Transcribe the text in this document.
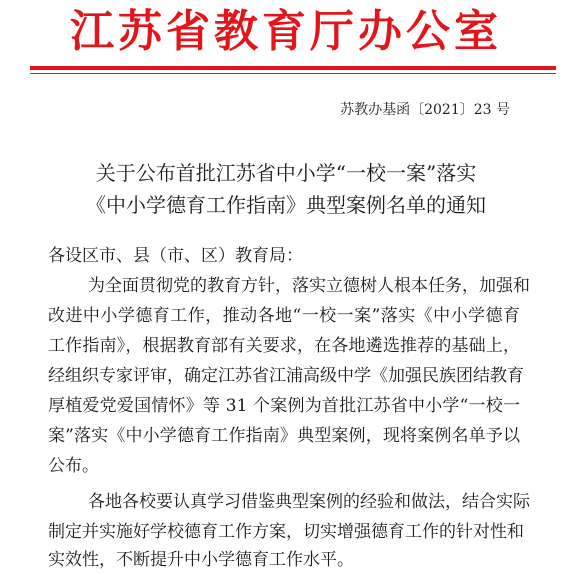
江苏省教育厅办公室
苏教办基函〔2021〕23 号
关于公布首批江苏省中小学“一校一案”落实
《中小学德育工作指南》典型案例名单的通知
各设区市、县（市、区）教育局：
为全面贯彻党的教育方针，落实立德树人根本任务，加强和
改进中小学德育工作，推动各地“一校一案”落实《中小学德育
工作指南》，根据教育部有关要求，在各地遴选推荐的基础上，
经组织专家评审，确定江苏省江浦高级中学《加强民族团结教育
厚植爱党爱国情怀》等 31 个案例为首批江苏省中小学“一校一
案”落实《中小学德育工作指南》典型案例，现将案例名单予以
公布。
各地各校要认真学习借鉴典型案例的经验和做法，结合实际
制定并实施好学校德育工作方案，切实增强德育工作的针对性和
实效性，不断提升中小学德育工作水平。
